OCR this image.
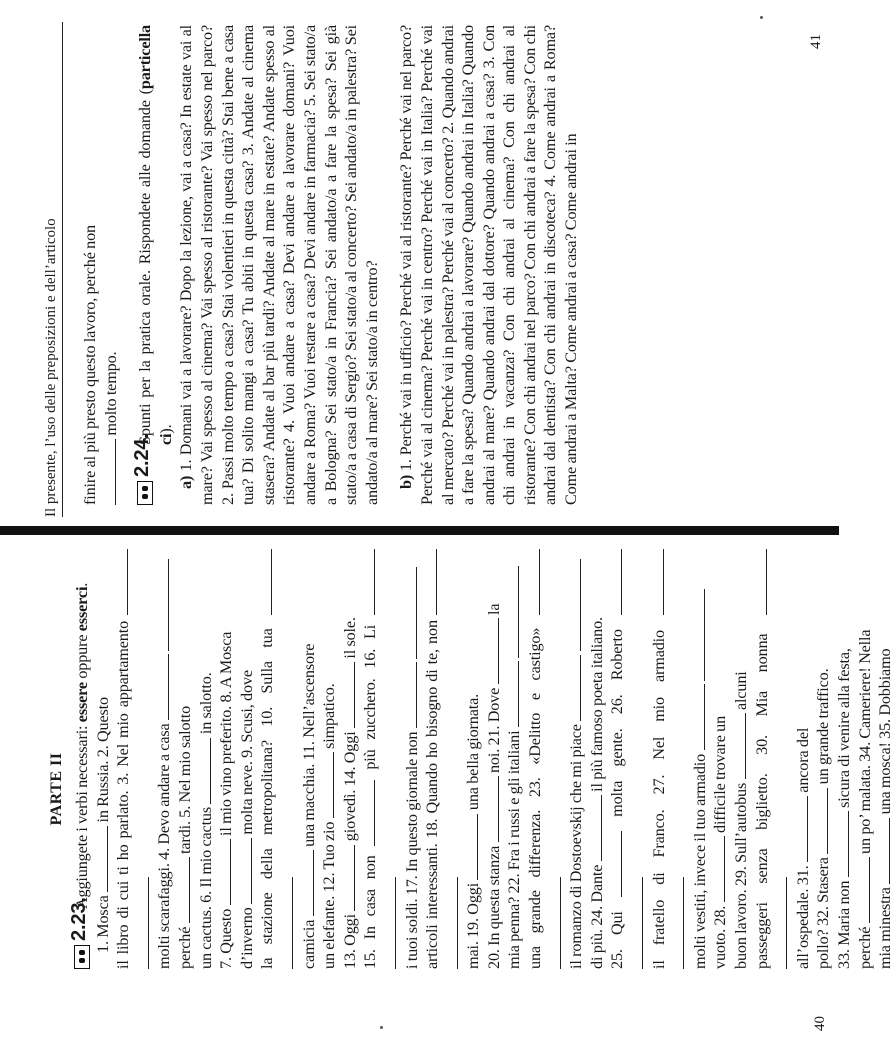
PARTE II
2.23.
Aggiungete i verbi necessari: essere oppure esserci.
1. Mosca  in Russia. 2. Questo il libro di cui ti ho parlato. 3. Nel mio appartamento	molti scarafaggi. 4. Devo andare a casa perché  tardi. 5. Nel mio salotto
un cactus. 6. Il mio cactus  in salotto.
7. Questo  il mio vino preferito. 8. A Mosca
d’inverno  molta neve. 9. Scusi, dove la stazione della metropolitana? 10. Sulla tua	camicia  una macchia. 11. Nell’ascensore
un elefante. 12. Tuo zio  simpatico.
13. Oggi  giovedì. 14. Oggi  il sole.
15. In casa non  più zucchero. 16. Li
i tuoi soldi. 17. In questo giornale non articoli interessanti. 18. Quando ho bisogno di te, non	mai. 19. Oggi  una bella giornata.
20. In questa stanza  noi. 21. Dove  la
mia penna? 22. Fra i russi e gli italiani una grande differenza. 23. «Delitto e castigo»	il romanzo di Dostoevskij che mi piace di più. 24. Dante  il più famoso poeta italiano.
25. Qui  molta gente. 26. Roberto	il fratello di Franco. 27. Nel mio armadio	molti vestiti, invece il tuo armadio vuoto. 28.  difficile trovare un
buon lavoro. 29. Sull’autobus  alcuni passeggeri senza biglietto. 30. Mia nonna	all’ospedale. 31.  ancora del
pollo? 32. Stasera  un grande traffico.
33. Maria non  sicura di venire alla festa,
perché  un po’ malata. 34. Cameriere! Nella
mia minestra  una mosca! 35. Dobbiamo
40
Il presente, l’uso delle preposizioni e dell’articolo finire al più presto questo lavoro, perché non molto tempo.
2.24.
Spunti per la pratica orale. Rispondete alle domande (particella ci).
a) 1. Domani vai a lavorare? Dopo la lezione, vai a casa? In estate vai al mare? Vai spesso al cinema? Vai spesso al ristorante? Vai spesso nel parco? 2. Passi molto tempo a casa? Stai volentieri in questa città? Stai bene a casa tua? Di solito mangi a casa? Tu abiti in questa casa? 3. Andate al cinema stasera? Andate al bar più tardi? Andate al mare in estate? Andate spesso al ristorante? 4. Vuoi andare a casa? Devi andare a lavorare domani? Vuoi andare a Roma? Vuoi restare a casa? Devi andare in farmacia? 5. Sei stato/a a Bologna? Sei stato/a in Francia? Sei andato/a a fare la spesa? Sei già stato/a a casa di Sergio? Sei stato/a al concerto? Sei andato/a in palestra? Sei andato/a al mare? Sei stato/a in centro? b) 1. Perché vai in ufficio? Perché vai al ristorante? Perché vai nel parco? Perché vai al cinema? Perché vai in centro? Perché vai in Italia? Perché vai al mercato? Perché vai in palestra? Perché vai al concerto? 2. Quando andrai a fare la spesa? Quando andrai a lavorare? Quando andrai in Italia? Quando andrai al mare? Quando andrai dal dottore? Quando andrai a casa? 3. Con chi andrai in vacanza? Con chi andrai al cinema? Con chi andrai al ristorante? Con chi andrai nel parco? Con chi andrai a fare la spesa? Con chi andrai dal dentista? Con chi andrai in discoteca? 4. Come andrai a Roma? Come andrai a Malta? Come andrai a casa? Come andrai in
41
